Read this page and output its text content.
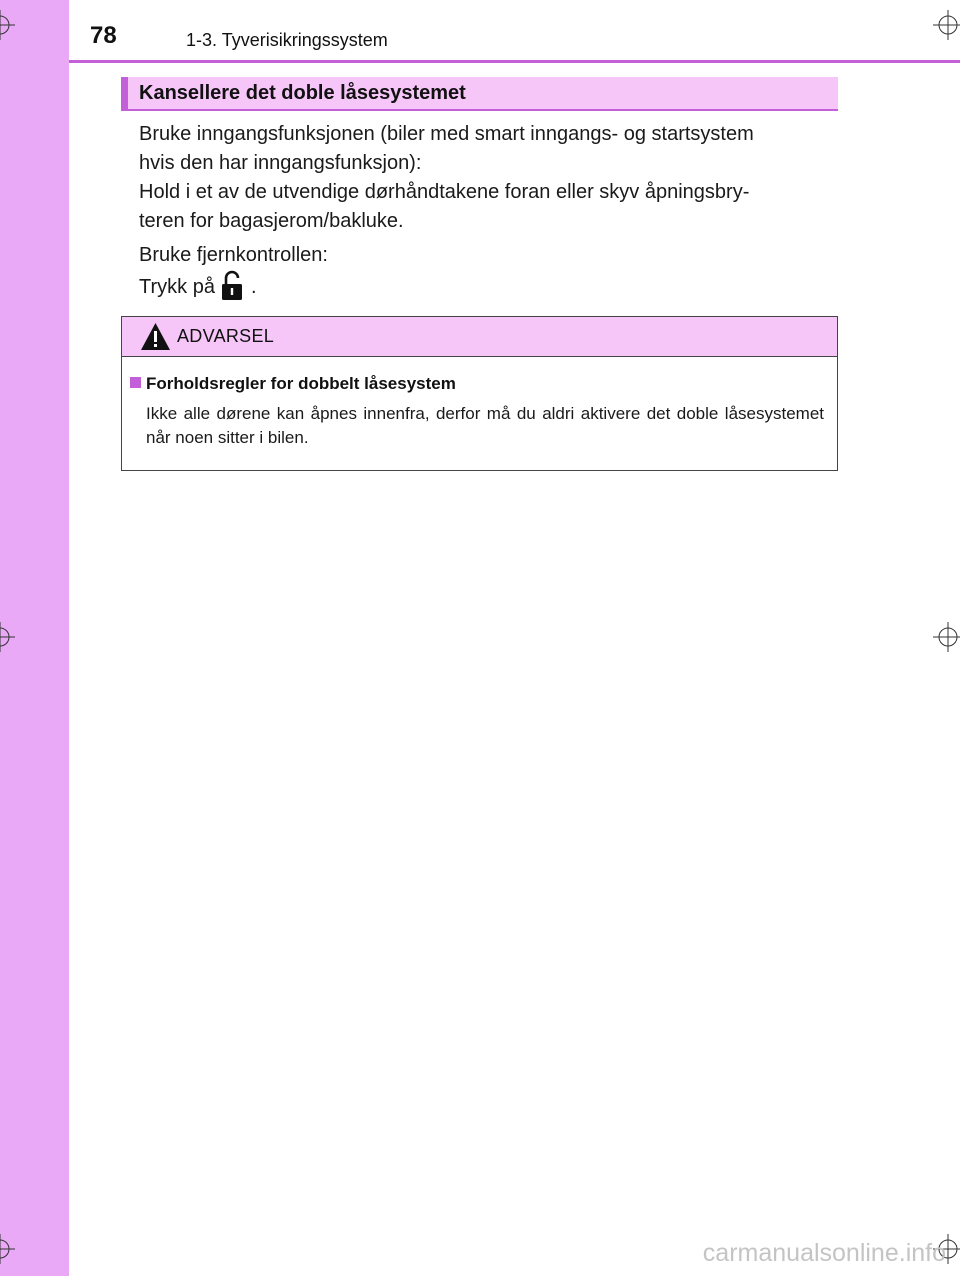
78	1-3. Tyverisikringssystem
Kansellere det doble låsesystemet
Bruke inngangsfunksjonen (biler med smart inngangs- og startsystem
hvis den har inngangsfunksjon):
Hold i et av de utvendige dørhåndtakene foran eller skyv åpningsbry-
teren for bagasjerom/bakluke.
Bruke fjernkontrollen:
Trykk på .
ADVARSEL
Forholdsregler for dobbelt låsesystem
Ikke alle dørene kan åpnes innenfra, derfor må du aldri aktivere det doble låsesystemet når noen sitter i bilen.
carmanualsonline.info
